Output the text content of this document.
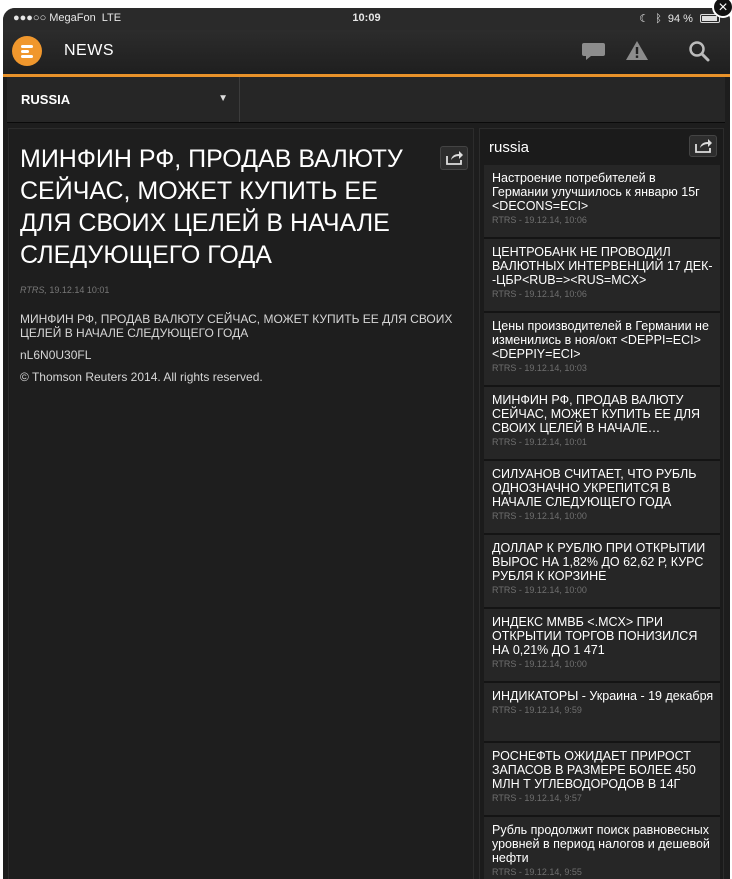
●●●○○ MegaFon LTE	10:09	☾ ᛒ 94 %
NEWS
RUSSIA	▼
МИНФИН РФ, ПРОДАВ ВАЛЮТУ СЕЙЧАС, МОЖЕТ КУПИТЬ ЕЕ ДЛЯ СВОИХ ЦЕЛЕЙ В НАЧАЛЕ СЛЕДУЮЩЕГО ГОДА
RTRS, 19.12.14 10:01

МИНФИН РФ, ПРОДАВ ВАЛЮТУ СЕЙЧАС, МОЖЕТ КУПИТЬ ЕЕ ДЛЯ СВОИХ ЦЕЛЕЙ В НАЧАЛЕ СЛЕДУЮЩЕГО ГОДА

nL6N0U30FL

© Thomson Reuters 2014. All rights reserved.

russia
Настроение потребителей в Германии улучшилось к январю 15г <DECONS=ECI>
RTRS - 19.12.14, 10:06
ЦЕНТРОБАНК НЕ ПРОВОДИЛ ВАЛЮТНЫХ ИНТЕРВЕНЦИЙ 17 ДЕК--ЦБР<RUB=><RUS=MCX>
RTRS - 19.12.14, 10:06
Цены производителей в Германии не изменились в ноя/окт <DEPPI=ECI><DEPPIY=ECI>
RTRS - 19.12.14, 10:03
МИНФИН РФ, ПРОДАВ ВАЛЮТУ СЕЙЧАС, МОЖЕТ КУПИТЬ ЕЕ ДЛЯ СВОИХ ЦЕЛЕЙ В НАЧАЛЕ
RTRS - 19.12.14, 10:01
СИЛУАНОВ СЧИТАЕТ, ЧТО РУБЛЬ ОДНОЗНАЧНО УКРЕПИТСЯ В НАЧАЛЕ СЛЕДУЮЩЕГО ГОДА
RTRS - 19.12.14, 10:00
ДОЛЛАР К РУБЛЮ ПРИ ОТКРЫТИИ ВЫРОС НА 1,82% ДО 62,62 Р, КУРС РУБЛЯ К КОРЗИНЕ
RTRS - 19.12.14, 10:00
ИНДЕКС ММВБ <.MCX> ПРИ ОТКРЫТИИ ТОРГОВ ПОНИЗИЛСЯ НА 0,21% ДО 1 471
RTRS - 19.12.14, 10:00
ИНДИКАТОРЫ - Украина - 19 декабря
RTRS - 19.12.14, 9:59
РОСНЕФТЬ ОЖИДАЕТ ПРИРОСТ ЗАПАСОВ В РАЗМЕРЕ БОЛЕЕ 450 МЛН Т УГЛЕВОДОРОДОВ В 14Г
RTRS - 19.12.14, 9:57
Рубль продолжит поиск равновесных уровней в период налогов и дешевой нефти
RTRS - 19.12.14, 9:55
×
